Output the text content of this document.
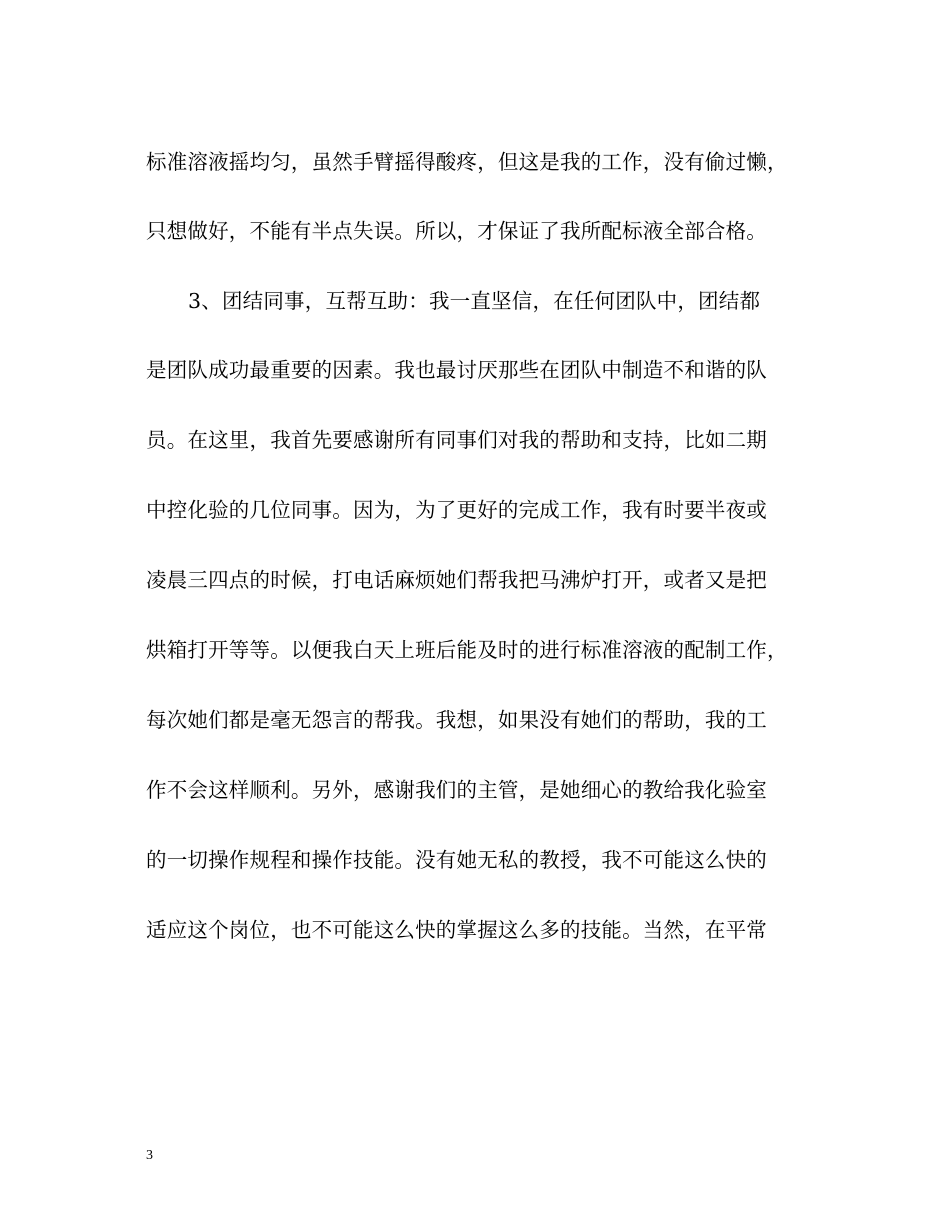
标准溶液摇均匀，虽然手臂摇得酸疼，但这是我的工作，没有偷过懒，
只想做好，不能有半点失误。所以，才保证了我所配标液全部合格。
3、团结同事，互帮互助：我一直坚信，在任何团队中，团结都
是团队成功最重要的因素。我也最讨厌那些在团队中制造不和谐的队
员。在这里，我首先要感谢所有同事们对我的帮助和支持，比如二期
中控化验的几位同事。因为，为了更好的完成工作，我有时要半夜或
凌晨三四点的时候，打电话麻烦她们帮我把马沸炉打开，或者又是把
烘箱打开等等。以便我白天上班后能及时的进行标准溶液的配制工作，
每次她们都是毫无怨言的帮我。我想，如果没有她们的帮助，我的工
作不会这样顺利。另外，感谢我们的主管，是她细心的教给我化验室
的一切操作规程和操作技能。没有她无私的教授，我不可能这么快的
适应这个岗位，也不可能这么快的掌握这么多的技能。当然，在平常
3
